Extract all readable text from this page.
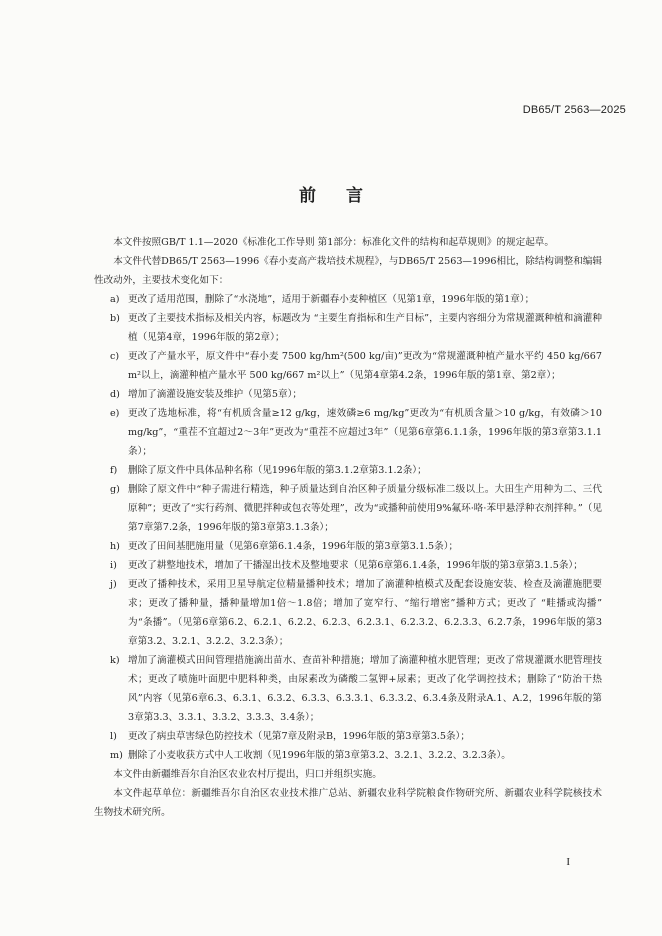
DB65/T 2563—2025
前言

本文件按照GB/T 1.1—2020《标准化工作导则 第1部分：标准化文件的结构和起草规则》的规定起草。

本文件代替DB65/T 2563—1996《春小麦高产栽培技术规程》，与DB65/T 2563—1996相比，除结构调整和编辑性改动外，主要技术变化如下：

a) 更改了适用范围，删除了“水浇地”，适用于新疆春小麦种植区（见第1章，1996年版的第1章）；

b) 更改了主要技术指标及相关内容，标题改为 “主要生育指标和生产目标”，主要内容细分为常规灌溉种植和滴灌种植（见第4章，1996年版的第2章）；

c) 更改了产量水平，原文件中“春小麦 7500 kg/hm²(500 kg/亩)”更改为“常规灌溉种植产量水平约 450 kg/667 m²以上，滴灌种植产量水平 500 kg/667 m²以上”（见第4章第4.2条，1996年版的第1章、第2章）；

d) 增加了滴灌设施安装及维护（见第5章）；

e) 更改了选地标准，将“有机质含量≥12 g/kg，速效磷≥6 mg/kg”更改为“有机质含量＞10 g/kg，有效磷＞10 mg/kg”，“重茬不宜超过2～3年”更改为“重茬不应超过3年”（见第6章第6.1.1条，1996年版的第3章第3.1.1条）；

f) 删除了原文件中具体品种名称（见1996年版的第3.1.2章第3.1.2条）；

g) 删除了原文件中“种子需进行精选，种子质量达到自治区种子质量分级标准二级以上。大田生产用种为二、三代原种”；更改了“实行药剂、微肥拌种或包衣等处理”，改为“或播种前使用9%氟环·咯·苯甲悬浮种衣剂拌种。”（见第7章第7.2条，1996年版的第3章第3.1.3条）；

h) 更改了田间基肥施用量（见第6章第6.1.4条，1996年版的第3章第3.1.5条）；

i) 更改了耕整地技术，增加了干播湿出技术及整地要求（见第6章第6.1.4条，1996年版的第3章第3.1.5条）；

j) 更改了播种技术，采用卫星导航定位精量播种技术；增加了滴灌种植模式及配套设施安装、检查及滴灌施肥要求；更改了播种量，播种量增加1倍～1.8倍；增加了宽窄行、“缩行增密”播种方式；更改了 “畦播或沟播” 为“条播”。（见第6章第6.2、6.2.1、6.2.2、6.2.3、6.2.3.1、6.2.3.2、6.2.3.3、6.2.7条，1996年版的第3章第3.2、3.2.1、3.2.2、3.2.3条）；

k) 增加了滴灌模式田间管理措施滴出苗水、查苗补种措施；增加了滴灌种植水肥管理；更改了常规灌溉水肥管理技术；更改了喷施叶面肥中肥料种类，由尿素改为磷酸二氢钾+尿素；更改了化学调控技术；删除了“防治干热风”内容（见第6章6.3、6.3.1、6.3.2、6.3.3、6.3.3.1、6.3.3.2、6.3.4条及附录A.1、A.2，1996年版的第3章第3.3、3.3.1、3.3.2、3.3.3、3.4条）；

l) 更改了病虫草害绿色防控技术（见第7章及附录B，1996年版的第3章第3.5条）；

m) 删除了小麦收获方式中人工收割（见1996年版的第3章第3.2、3.2.1、3.2.2、3.2.3条）。

本文件由新疆维吾尔自治区农业农村厅提出，归口并组织实施。

本文件起草单位：新疆维吾尔自治区农业技术推广总站、新疆农业科学院粮食作物研究所、新疆农业科学院核技术生物技术研究所。

I
